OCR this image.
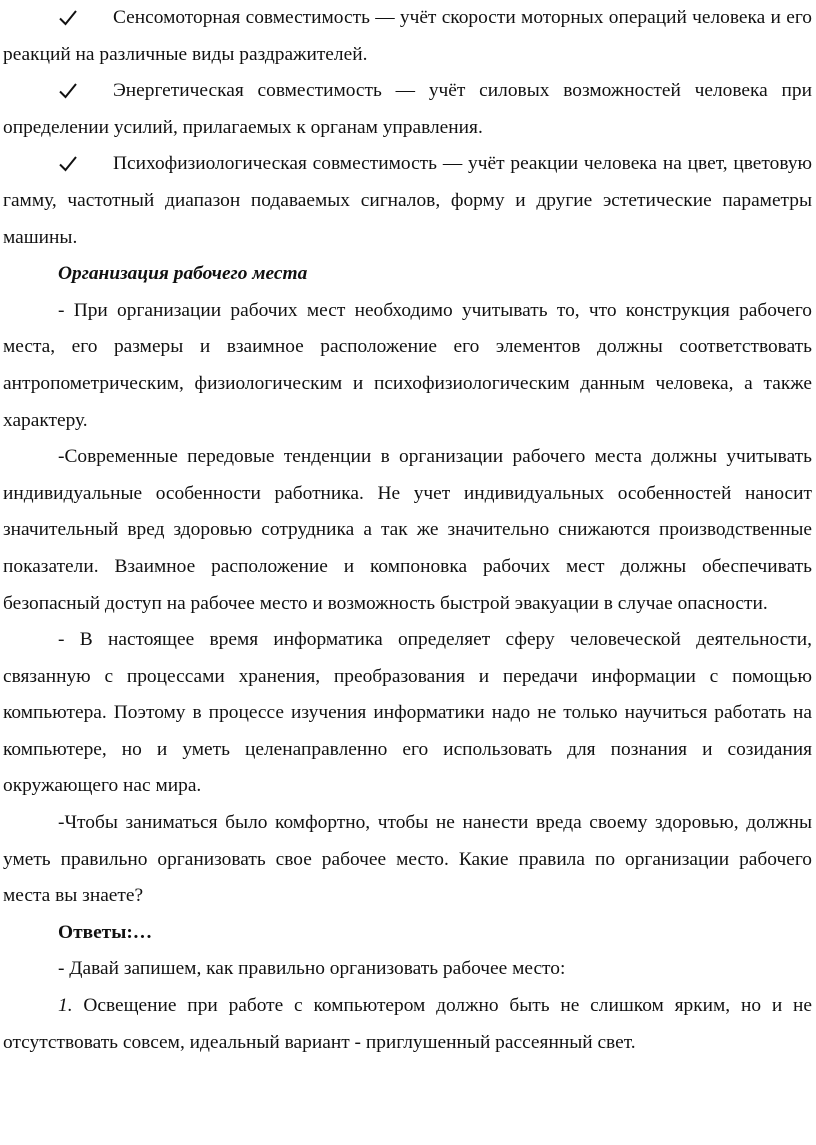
Сенсомоторная совместимость — учёт скорости моторных операций человека и его реакций на различные виды раздражителей.

Энергетическая совместимость — учёт силовых возможностей человека при определении усилий, прилагаемых к органам управления.

Психофизиологическая совместимость — учёт реакции человека на цвет, цветовую гамму, частотный диапазон подаваемых сигналов, форму и другие эстетические параметры машины.

Организация рабочего места

- При организации рабочих мест необходимо учитывать то, что конструкция рабочего места, его размеры и взаимное расположение его элементов должны соответствовать антропометрическим, физиологическим и психофизиологическим данным человека, а также характеру.

-Современные передовые тенденции в организации рабочего места должны учитывать индивидуальные особенности работника. Не учет индивидуальных особенностей наносит значительный вред здоровью сотрудника а так же значительно снижаются производственные показатели. Взаимное расположение и компоновка рабочих мест должны обеспечивать безопасный доступ на рабочее место и возможность быстрой эвакуации в случае опасности.

- В настоящее время информатика определяет сферу человеческой деятельности, связанную с процессами хранения, преобразования и передачи информации с помощью компьютера. Поэтому в процессе изучения информатики надо не только научиться работать на компьютере, но и уметь целенаправленно его использовать для познания и созидания окружающего нас мира.

-Чтобы заниматься было комфортно, чтобы не нанести вреда своему здоровью, должны уметь правильно организовать свое рабочее место. Какие правила по организации рабочего места вы знаете?

Ответы:…

- Давай запишем, как правильно организовать рабочее место:

1. Освещение при работе с компьютером должно быть не слишком ярким, но и не отсутствовать совсем, идеальный вариант - приглушенный рассеянный свет.
